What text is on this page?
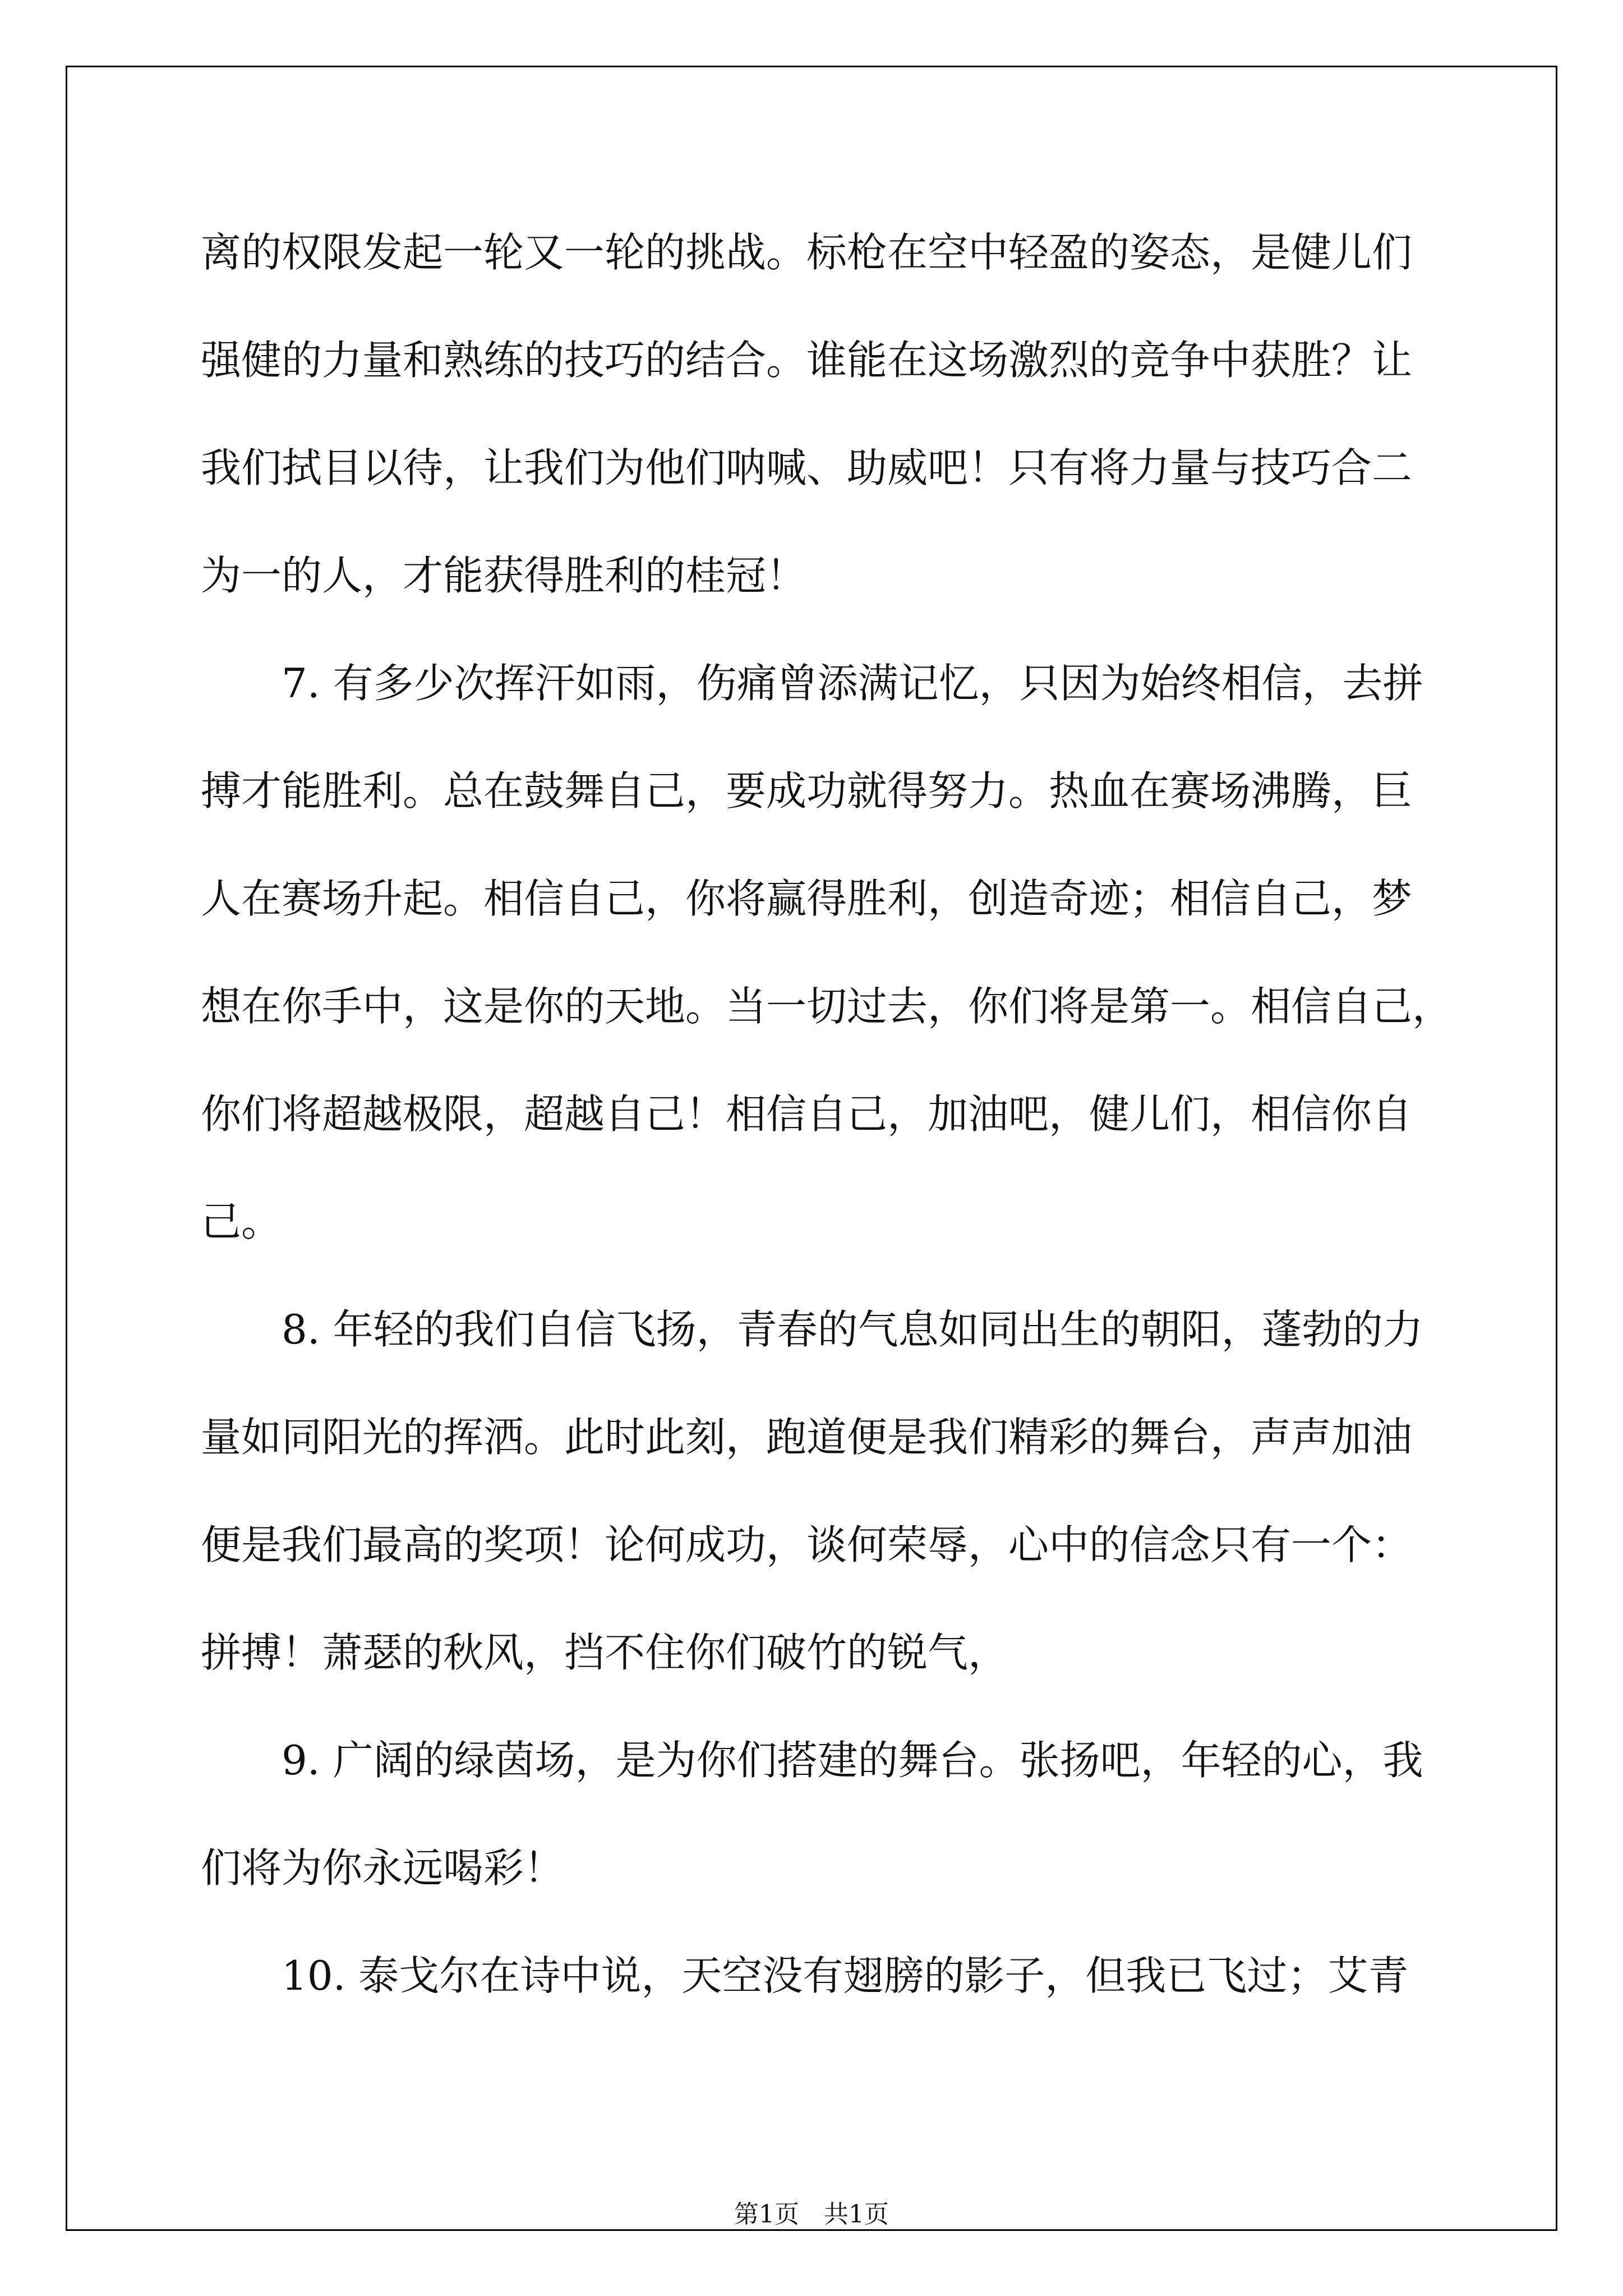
离的权限发起一轮又一轮的挑战。标枪在空中轻盈的姿态，是健儿们
强健的力量和熟练的技巧的结合。谁能在这场激烈的竞争中获胜？让
我们拭目以待，让我们为他们呐喊、助威吧！只有将力量与技巧合二
为一的人，才能获得胜利的桂冠！
　　7. 有多少次挥汗如雨，伤痛曾添满记忆，只因为始终相信，去拼
搏才能胜利。总在鼓舞自己，要成功就得努力。热血在赛场沸腾，巨
人在赛场升起。相信自己，你将赢得胜利，创造奇迹；相信自己，梦
想在你手中，这是你的天地。当一切过去，你们将是第一。相信自己，
你们将超越极限，超越自己！相信自己，加油吧，健儿们，相信你自
己。
　　8. 年轻的我们自信飞扬，青春的气息如同出生的朝阳，蓬勃的力
量如同阳光的挥洒。此时此刻，跑道便是我们精彩的舞台，声声加油
便是我们最高的奖项！论何成功，谈何荣辱，心中的信念只有一个：
拼搏！萧瑟的秋风，挡不住你们破竹的锐气，
　　9. 广阔的绿茵场，是为你们搭建的舞台。张扬吧，年轻的心，我
们将为你永远喝彩！
　　10. 泰戈尔在诗中说，天空没有翅膀的影子，但我已飞过；艾青
第1页　共1页
